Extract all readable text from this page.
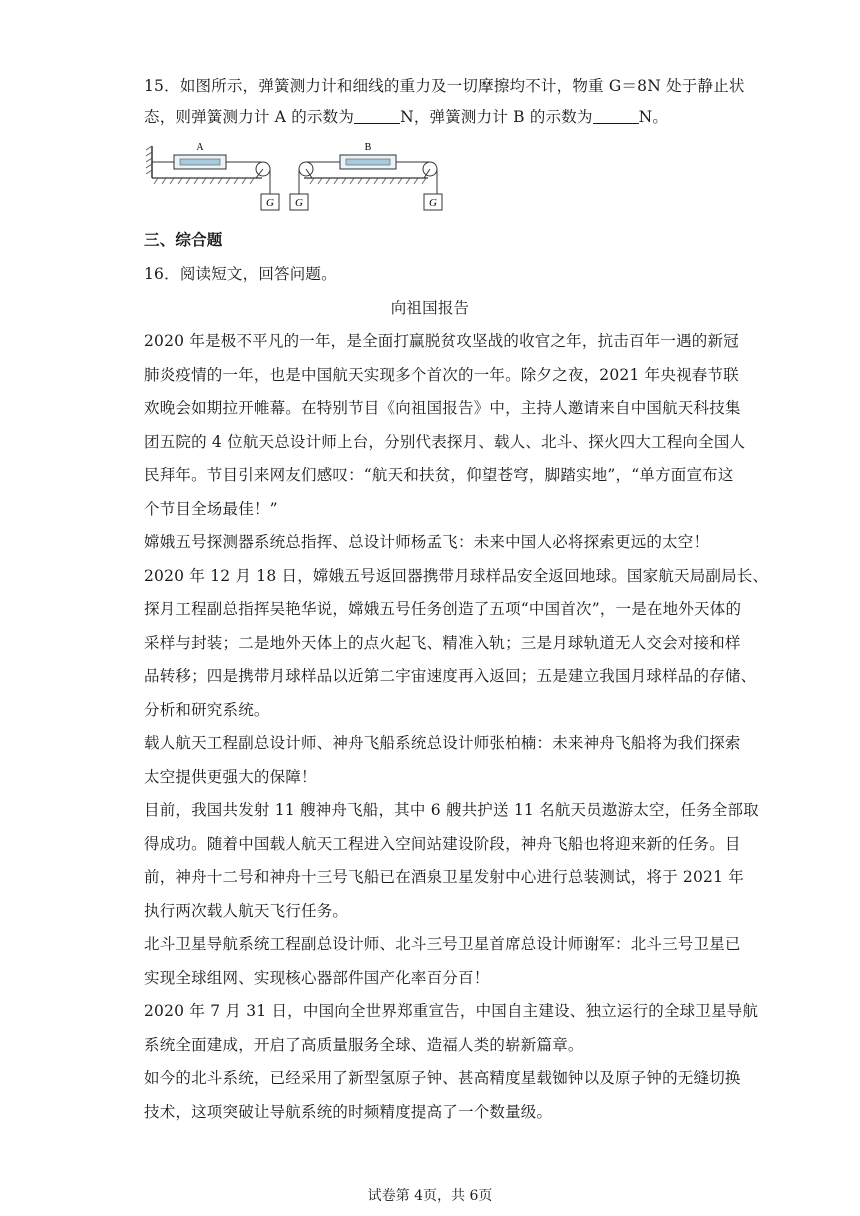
15．如图所示，弹簧测力计和细线的重力及一切摩擦均不计，物重 G＝8N 处于静止状
态，则弹簧测力计 A 的示数为	N，弹簧测力计 B 的示数为	N。
G
A
G	G
B
三、综合题
16．阅读短文，回答问题。
向祖国报告
2020 年是极不平凡的一年，是全面打赢脱贫攻坚战的收官之年，抗击百年一遇的新冠
肺炎疫情的一年，也是中国航天实现多个首次的一年。除夕之夜，2021 年央视春节联
欢晚会如期拉开帷幕。在特别节目《向祖国报告》中，主持人邀请来自中国航天科技集
团五院的 4 位航天总设计师上台，分别代表探月、载人、北斗、探火四大工程向全国人
民拜年。节目引来网友们感叹：“航天和扶贫，仰望苍穹，脚踏实地”，“单方面宣布这
个节目全场最佳！”
嫦娥五号探测器系统总指挥、总设计师杨孟飞：未来中国人必将探索更远的太空！
2020 年 12 月 18 日，嫦娥五号返回器携带月球样品安全返回地球。国家航天局副局长、
探月工程副总指挥吴艳华说，嫦娥五号任务创造了五项“中国首次”，一是在地外天体的
采样与封装；二是地外天体上的点火起飞、精准入轨；三是月球轨道无人交会对接和样
品转移；四是携带月球样品以近第二宇宙速度再入返回；五是建立我国月球样品的存储、
分析和研究系统。
载人航天工程副总设计师、神舟飞船系统总设计师张柏楠：未来神舟飞船将为我们探索
太空提供更强大的保障！
目前，我国共发射 11 艘神舟飞船，其中 6 艘共护送 11 名航天员遨游太空，任务全部取
得成功。随着中国载人航天工程进入空间站建设阶段，神舟飞船也将迎来新的任务。目
前，神舟十二号和神舟十三号飞船已在酒泉卫星发射中心进行总装测试，将于 2021 年
执行两次载人航天飞行任务。
北斗卫星导航系统工程副总设计师、北斗三号卫星首席总设计师谢军：北斗三号卫星已
实现全球组网、实现核心器部件国产化率百分百！
2020 年 7 月 31 日，中国向全世界郑重宣告，中国自主建设、独立运行的全球卫星导航
系统全面建成，开启了高质量服务全球、造福人类的崭新篇章。
如今的北斗系统，已经采用了新型氢原子钟、甚高精度星载铷钟以及原子钟的无缝切换
技术，这项突破让导航系统的时频精度提高了一个数量级。
试卷第 4页，共 6页
